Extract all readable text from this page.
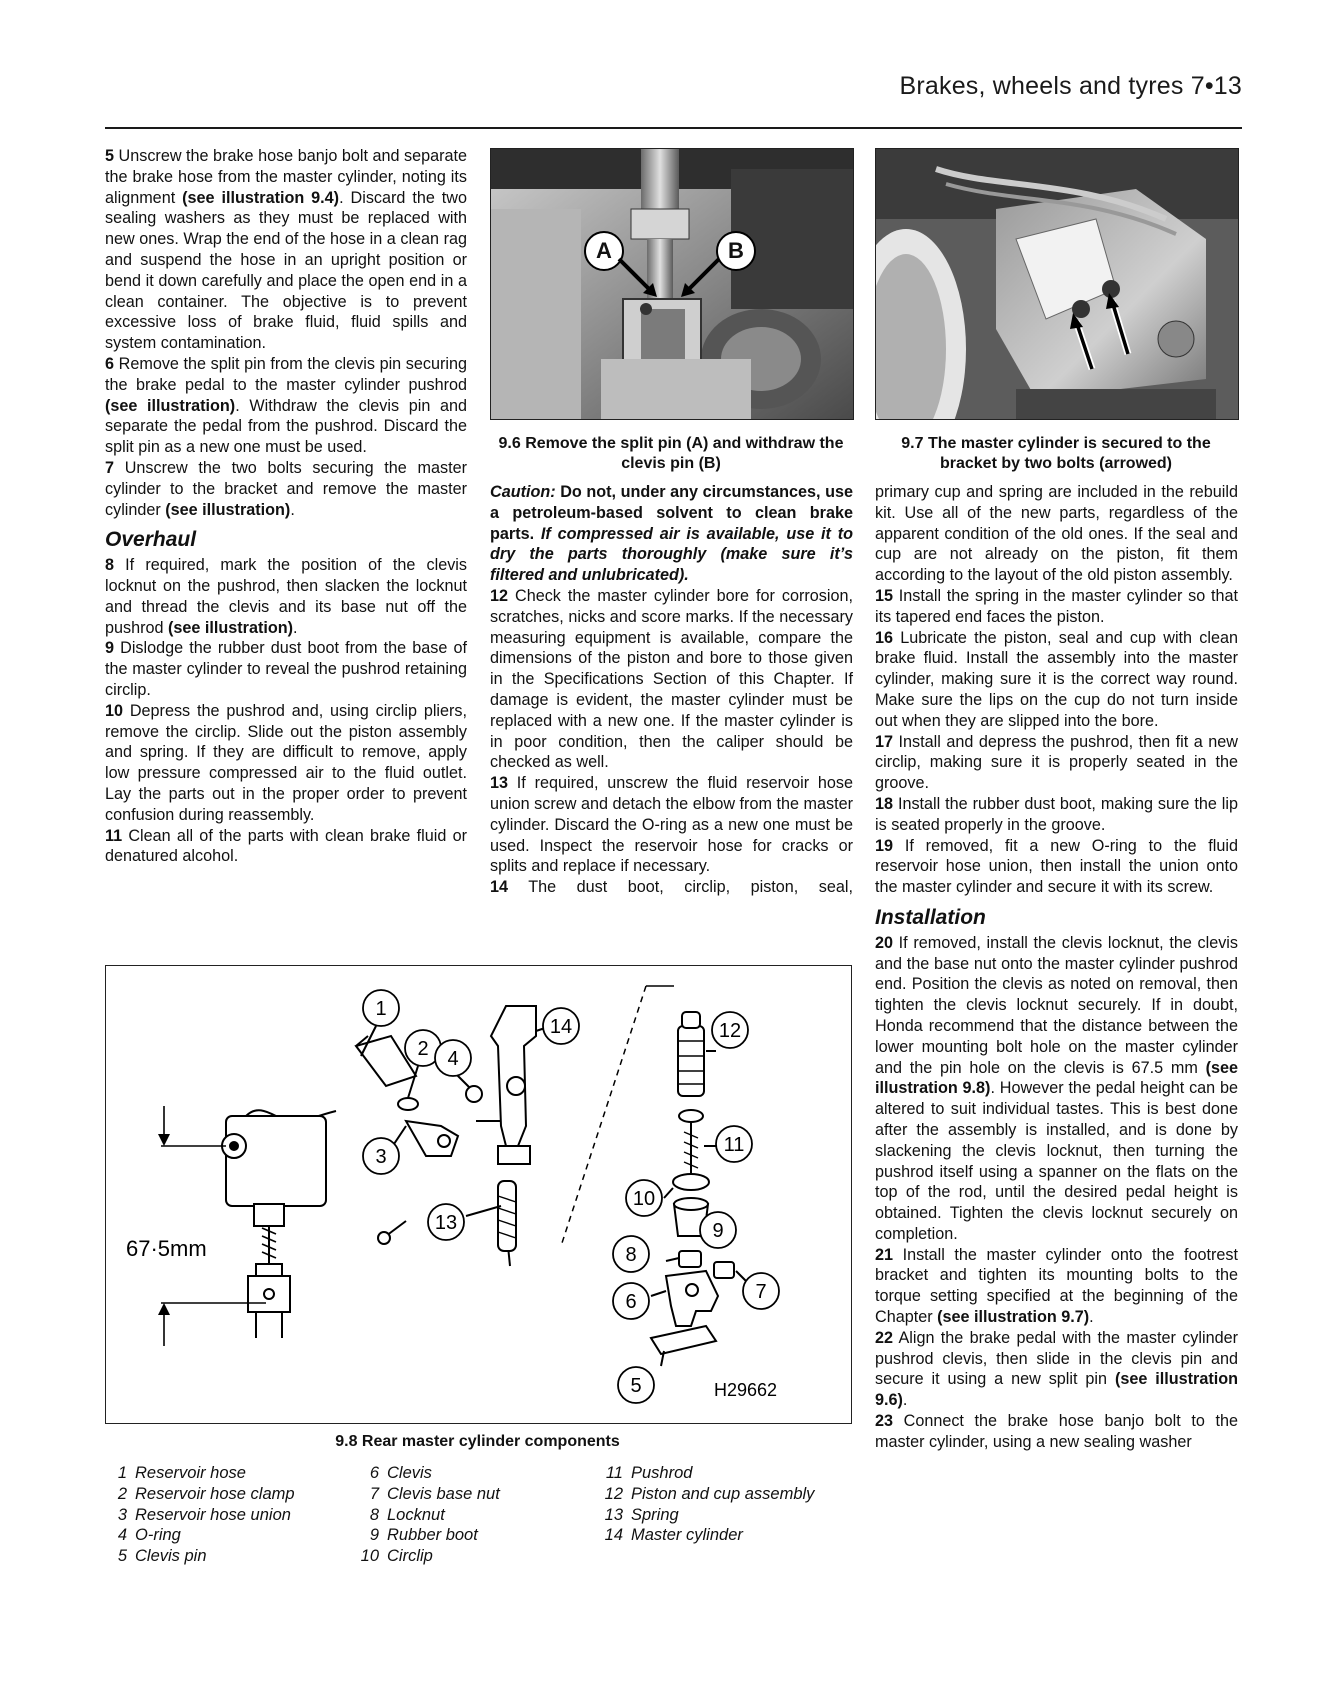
Brakes, wheels and tyres 7•13

5 Unscrew the brake hose banjo bolt and separate the brake hose from the master cylinder, noting its alignment (see illustration 9.4). Discard the two sealing washers as they must be replaced with new ones. Wrap the end of the hose in a clean rag and suspend the hose in an upright position or bend it down carefully and place the open end in a clean container. The objective is to prevent excessive loss of brake fluid, fluid spills and system contamination.

6 Remove the split pin from the clevis pin securing the brake pedal to the master cylinder pushrod (see illustration). Withdraw the clevis pin and separate the pedal from the pushrod. Discard the split pin as a new one must be used.

7 Unscrew the two bolts securing the master cylinder to the bracket and remove the master cylinder (see illustration).

Overhaul

8 If required, mark the position of the clevis locknut on the pushrod, then slacken the locknut and thread the clevis and its base nut off the pushrod (see illustration).

9 Dislodge the rubber dust boot from the base of the master cylinder to reveal the pushrod retaining circlip.

10 Depress the pushrod and, using circlip pliers, remove the circlip. Slide out the piston assembly and spring. If they are difficult to remove, apply low pressure compressed air to the fluid outlet. Lay the parts out in the proper order to prevent confusion during reassembly.

11 Clean all of the parts with clean brake fluid or denatured alcohol.

A	B
9.6 Remove the split pin (A) and withdraw the clevis pin (B)
9.7 The master cylinder is secured to the bracket by two bolts (arrowed)

Caution: Do not, under any circumstances, use a petroleum-based solvent to clean brake parts. If compressed air is available, use it to dry the parts thoroughly (make sure it’s filtered and unlubricated).

12 Check the master cylinder bore for corrosion, scratches, nicks and score marks. If the necessary measuring equipment is available, compare the dimensions of the piston and bore to those given in the Specifications Section of this Chapter. If damage is evident, the master cylinder must be replaced with a new one. If the master cylinder is in poor condition, then the caliper should be checked as well.

13 If required, unscrew the fluid reservoir hose union screw and detach the elbow from the master cylinder. Discard the O-ring as a new one must be used. Inspect the reservoir hose for cracks or splits and replace if necessary.

14 The dust boot, circlip, piston, seal,

primary cup and spring are included in the rebuild kit. Use all of the new parts, regardless of the apparent condition of the old ones. If the seal and cup are not already on the piston, fit them according to the layout of the old piston assembly.

15 Install the spring in the master cylinder so that its tapered end faces the piston.

16 Lubricate the piston, seal and cup with clean brake fluid. Install the assembly into the master cylinder, making sure it is the correct way round. Make sure the lips on the cup do not turn inside out when they are slipped into the bore.

17 Install and depress the pushrod, then fit a new circlip, making sure it is properly seated in the groove.

18 Install the rubber dust boot, making sure the lip is seated properly in the groove.

19 If removed, fit a new O-ring to the fluid reservoir hose union, then install the union onto the master cylinder and secure it with its screw.

Installation

20 If removed, install the clevis locknut, the clevis and the base nut onto the master cylinder pushrod end. Position the clevis as noted on removal, then tighten the clevis locknut securely. If in doubt, Honda recommend that the distance between the lower mounting bolt hole on the master cylinder and the pin hole on the clevis is 67.5 mm (see illustration 9.8). However the pedal height can be altered to suit individual tastes. This is best done after the assembly is installed, and is done by slackening the clevis locknut, then turning the pushrod itself using a spanner on the flats on the top of the rod, until the desired pedal height is obtained. Tighten the clevis locknut securely on completion.

21 Install the master cylinder onto the footrest bracket and tighten its mounting bolts to the torque setting specified at the beginning of the Chapter (see illustration 9.7).

22 Align the brake pedal with the master cylinder pushrod clevis, then slide in the clevis pin and secure it using a new split pin (see illustration 9.6).

23 Connect the brake hose banjo bolt to the master cylinder, using a new sealing washer

1
2
3
4
5
6	7
8
9
10
11
12
13
14
67·5mm
H29662
9.8 Rear master cylinder components
1 Reservoir hose
2 Reservoir hose clamp
3 Reservoir hose union
4 O-ring
5 Clevis pin
6 Clevis
7 Clevis base nut
8 Locknut
9 Rubber boot
10 Circlip
11 Pushrod
12 Piston and cup assembly
13 Spring
14 Master cylinder
